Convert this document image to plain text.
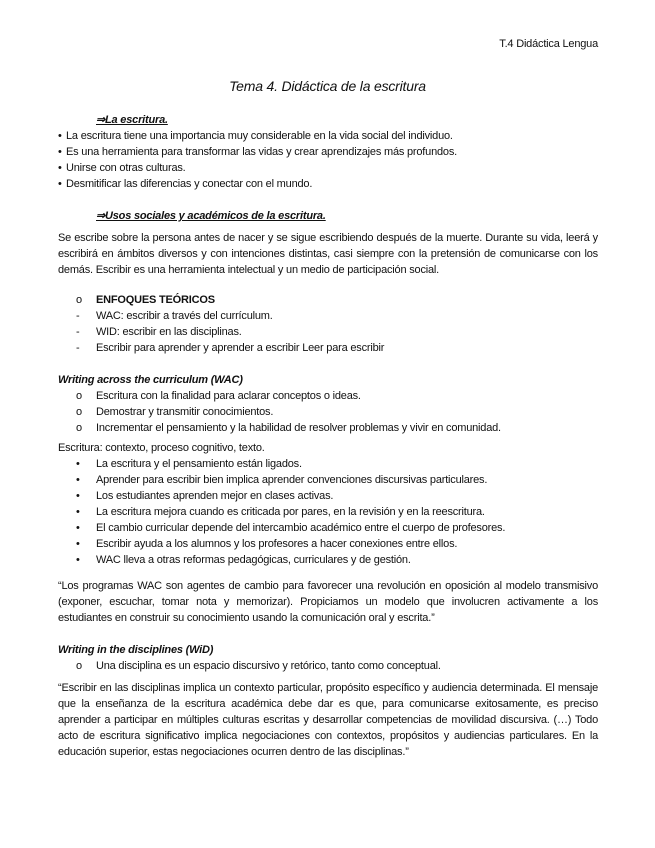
T.4 Didáctica Lengua
Tema 4. Didáctica de la escritura
⇒La escritura.
• La escritura tiene una importancia muy considerable en la vida social del individuo.
• Es una herramienta para transformar las vidas y crear aprendizajes más profundos.
• Unirse con otras culturas.
• Desmitificar las diferencias y conectar con el mundo.
⇒Usos sociales y académicos de la escritura.
Se escribe sobre la persona antes de nacer y se sigue escribiendo después de la muerte. Durante su vida, leerá y escribirá en ámbitos diversos y con intenciones distintas, casi siempre con la pretensión de comunicarse con los demás. Escribir es una herramienta intelectual y un medio de participación social.
o	ENFOQUES TEÓRICOS
-	WAC: escribir a través del currículum.
-	WID: escribir en las disciplinas.
-	Escribir para aprender y aprender a escribir Leer para escribir
Writing across the curriculum (WAC)
o	Escritura con la finalidad para aclarar conceptos o ideas.
o	Demostrar y transmitir conocimientos.
o	Incrementar el pensamiento y la habilidad de resolver problemas y vivir en comunidad.
Escritura: contexto, proceso cognitivo, texto.
•	La escritura y el pensamiento están ligados.
•	Aprender para escribir bien implica aprender convenciones discursivas particulares.
•	Los estudiantes aprenden mejor en clases activas.
•	La escritura mejora cuando es criticada por pares, en la revisión y en la reescritura.
•	El cambio curricular depende del intercambio académico entre el cuerpo de profesores.
•	Escribir ayuda a los alumnos y los profesores a hacer conexiones entre ellos.
•	WAC lleva a otras reformas pedagógicas, curriculares y de gestión.
“Los programas WAC son agentes de cambio para favorecer una revolución en oposición al modelo transmisivo (exponer, escuchar, tomar nota y memorizar). Propiciamos un modelo que involucren activamente a los estudiantes en construir su conocimiento usando la comunicación oral y escrita.”
Writing in the disciplines (WiD)
o	Una disciplina es un espacio discursivo y retórico, tanto como conceptual.
“Escribir en las disciplinas implica un contexto particular, propósito específico y audiencia determinada. El mensaje que la enseñanza de la escritura académica debe dar es que, para comunicarse exitosamente, es preciso aprender a participar en múltiples culturas escritas y desarrollar competencias de movilidad discursiva. (…) Todo acto de escritura significativo implica negociaciones con contextos, propósitos y audiencias particulares. En la educación superior, estas negociaciones ocurren dentro de las disciplinas.”
